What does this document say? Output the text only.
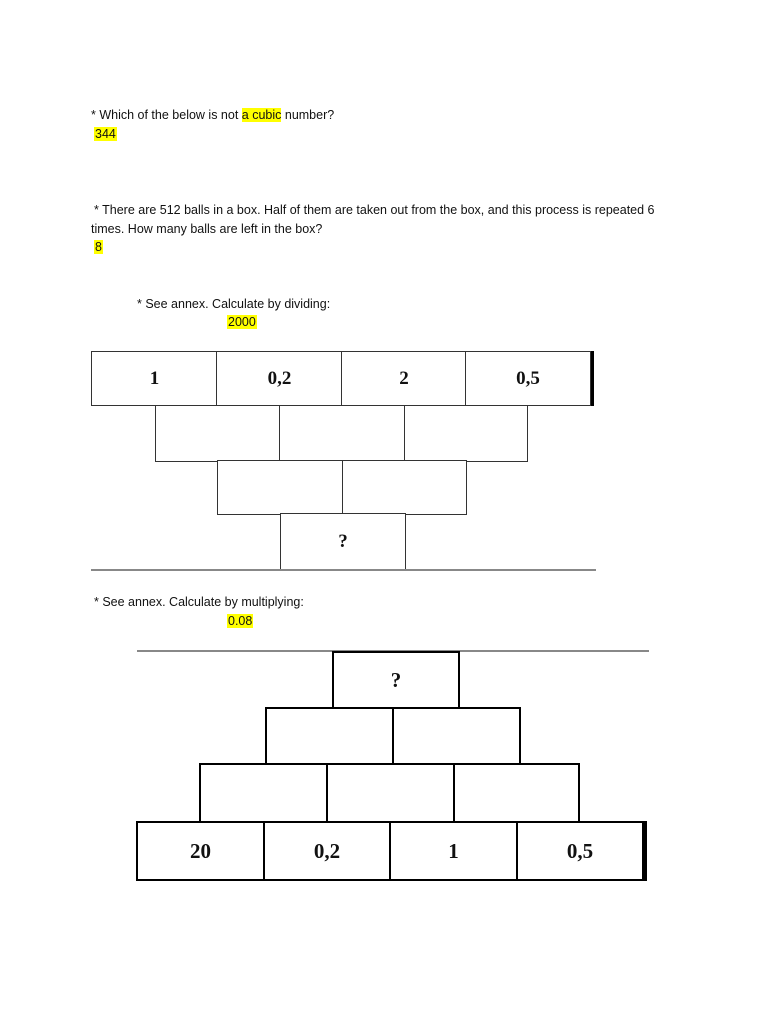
* Which of the below is not a cubic number?
344
* There are 512 balls in a box. Half of them are taken out from the box, and this process is repeated 6 times. How many balls are left in the box?
8
* See annex. Calculate by dividing:
2000
1	0,2	2	0,5
?
* See annex. Calculate by multiplying:
0.08
?
20	0,2	1	0,5
